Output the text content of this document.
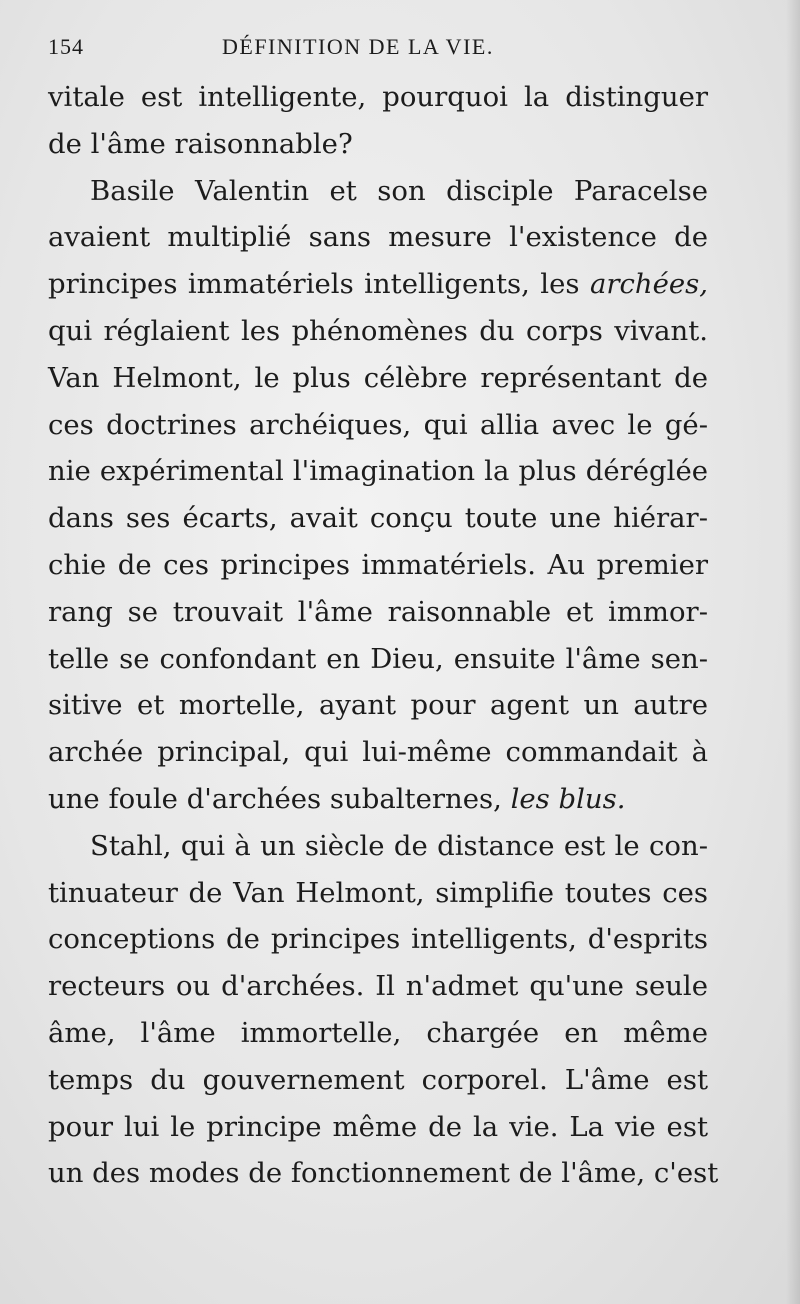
154	DÉFINITION DE LA VIE.
vitale est intelligente, pourquoi la distinguer
de l'âme raisonnable?
Basile Valentin et son disciple Paracelse
avaient multiplié sans mesure l'existence de
principes immatériels intelligents, les archées,
qui réglaient les phénomènes du corps vivant.
Van Helmont, le plus célèbre représentant de
ces doctrines archéiques, qui allia avec le gé-
nie expérimental l'imagination la plus déréglée
dans ses écarts, avait conçu toute une hiérar-
chie de ces principes immatériels. Au premier
rang se trouvait l'âme raisonnable et immor-
telle se confondant en Dieu, ensuite l'âme sen-
sitive et mortelle, ayant pour agent un autre
archée principal, qui lui-même commandait à
une foule d'archées subalternes, les blus.
Stahl, qui à un siècle de distance est le con-
tinuateur de Van Helmont, simplifie toutes ces
conceptions de principes intelligents, d'esprits
recteurs ou d'archées. Il n'admet qu'une seule
âme, l'âme immortelle, chargée en même
temps du gouvernement corporel. L'âme est
pour lui le principe même de la vie. La vie est
un des modes de fonctionnement de l'âme, c'est
